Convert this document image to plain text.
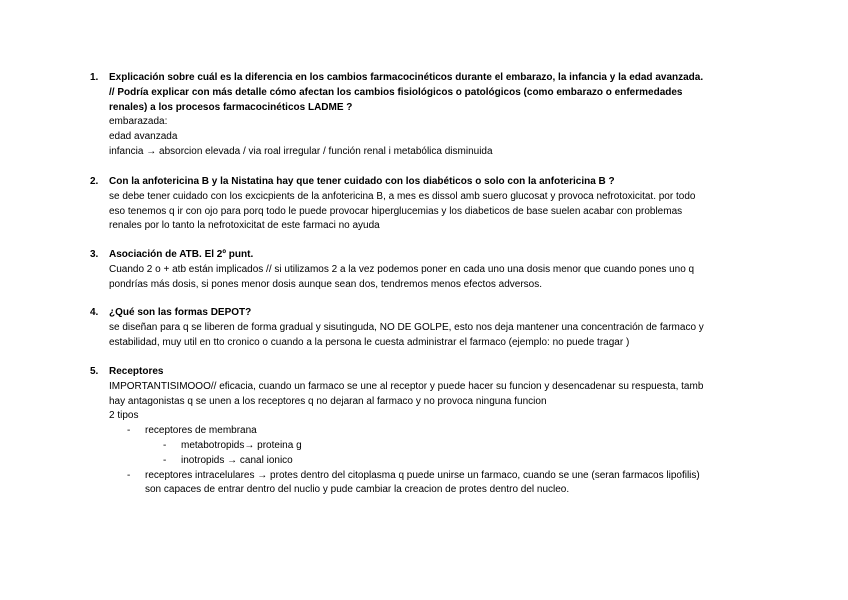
1. Explicación sobre cuál es la diferencia en los cambios farmacocinéticos durante el embarazo, la infancia y la edad avanzada.
// Podría explicar con más detalle cómo afectan los cambios fisiológicos o patológicos (como embarazo o enfermedades
renales) a los procesos farmacocinéticos LADME ?
embarazada:
edad avanzada
infancia → absorcion elevada / via roal irregular / función renal i metabólica disminuida
2. Con la anfotericina B y la Nistatina hay que tener cuidado con los diabéticos o solo con la anfotericina B ?
se debe tener cuidado con los excicpients de la anfotericina B, a mes es dissol amb suero glucosat y provoca nefrotoxicitat. por todo
eso tenemos q ir con ojo para porq todo le puede provocar hiperglucemias y los diabeticos de base suelen acabar con problemas
renales por lo tanto la nefrotoxicitat de este farmaci no ayuda
3. Asociación de ATB. El 2º punt.
Cuando 2 o + atb están implicados // si utilizamos 2 a la vez podemos poner en cada uno una dosis menor que cuando pones uno q
pondrías más dosis, si pones menor dosis aunque sean dos, tendremos menos efectos adversos.
4. ¿Qué son las formas DEPOT?
se diseñan para q se liberen de forma gradual y sisutinguda, NO DE GOLPE, esto nos deja mantener una concentración de farmaco y
estabilidad, muy util en tto cronico o cuando a la persona le cuesta administrar el farmaco (ejemplo: no puede tragar )
5. Receptores
IMPORTANTISIMOOO// eficacia, cuando un farmaco se une al receptor y puede hacer su funcion y desencadenar su respuesta, tamb
hay antagonistas q se unen a los receptores q no dejaran al farmaco y no provoca ninguna funcion
2 tipos
- receptores de membrana
- metabotropids→ proteina g
- inotropids → canal ionico
- receptores intracelulares → protes dentro del citoplasma q puede unirse un farmaco, cuando se une (seran farmacos lipofilis)
son capaces de entrar dentro del nuclio y pude cambiar la creacion de protes dentro del nucleo.
